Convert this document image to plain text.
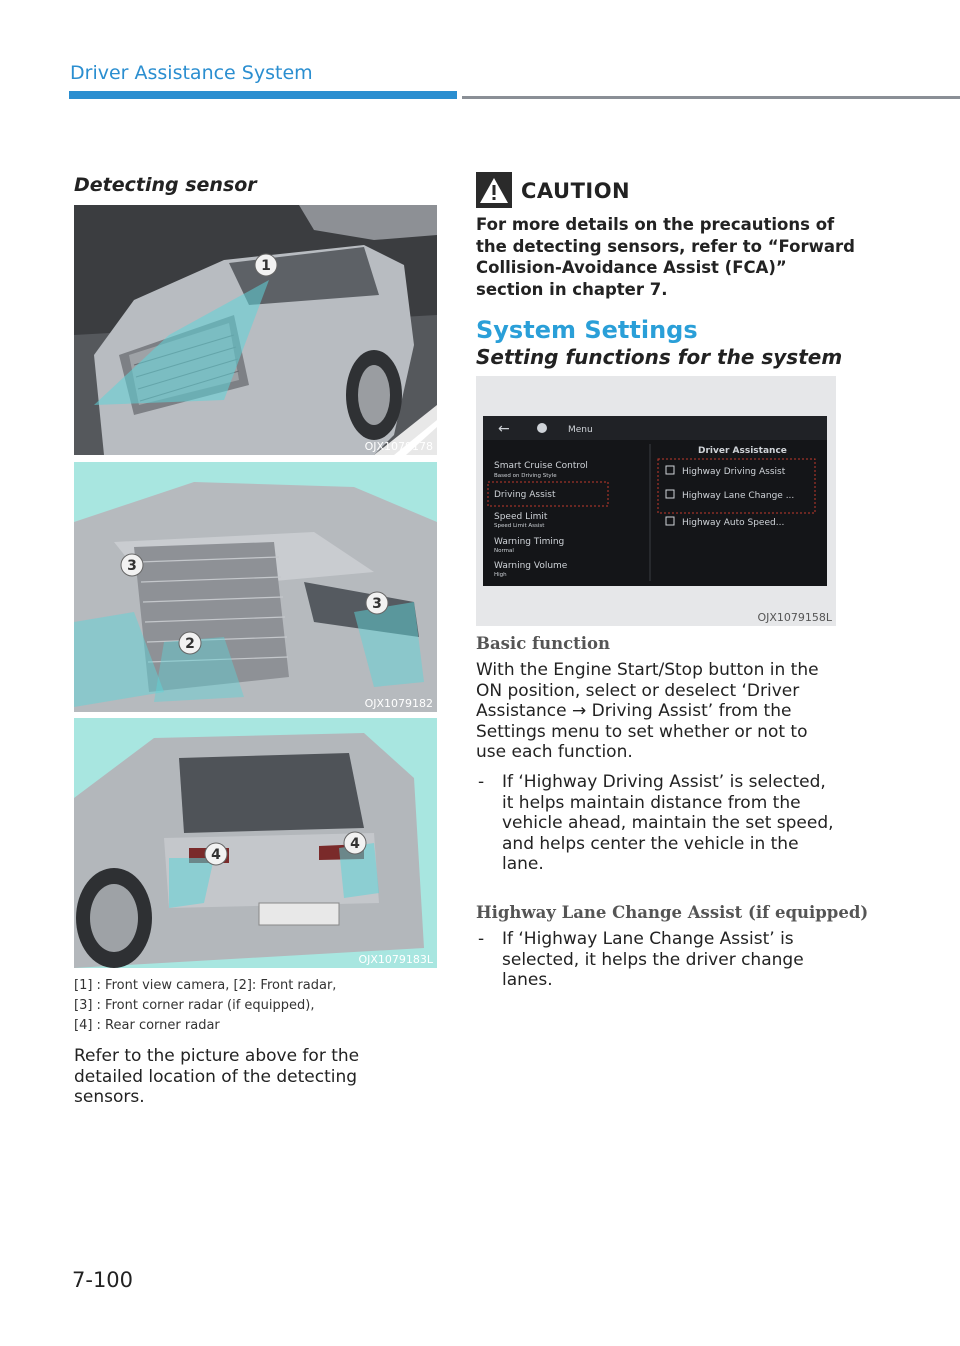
Driver Assistance System
Detecting sensor
1
OJX1079178
3
3
2
OJX1079182
4
4
OJX1079183L
[1] : Front view camera, [2]: Front radar,
[3] : Front corner radar (if equipped),
[4] : Rear corner radar
Refer to the picture above for the
detailed location of the detecting
sensors.
CAUTION
For more details on the precautions of
the detecting sensors, refer to “Forward
Collision-Avoidance Assist (FCA)”
section in chapter 7.
System Settings
Setting functions for the system
←	Menu
Smart Cruise Control
Based on Driving Style
Driving Assist
Speed Limit
Speed Limit Assist
Warning Timing
Normal
Warning Volume
High
Driver Assistance
Highway Driving Assist
Highway Lane Change ...
Highway Auto Speed...
OJX1079158L
Basic function
With the Engine Start/Stop button in the
ON position, select or deselect ‘Driver
Assistance → Driving Assist’ from the
Settings menu to set whether or not to
use each function.
- If ‘Highway Driving Assist’ is selected,
it helps maintain distance from the
vehicle ahead, maintain the set speed,
and helps center the vehicle in the
lane.
Highway Lane Change Assist (if equipped)
- If ‘Highway Lane Change Assist’ is
selected, it helps the driver change
lanes.
7-100
